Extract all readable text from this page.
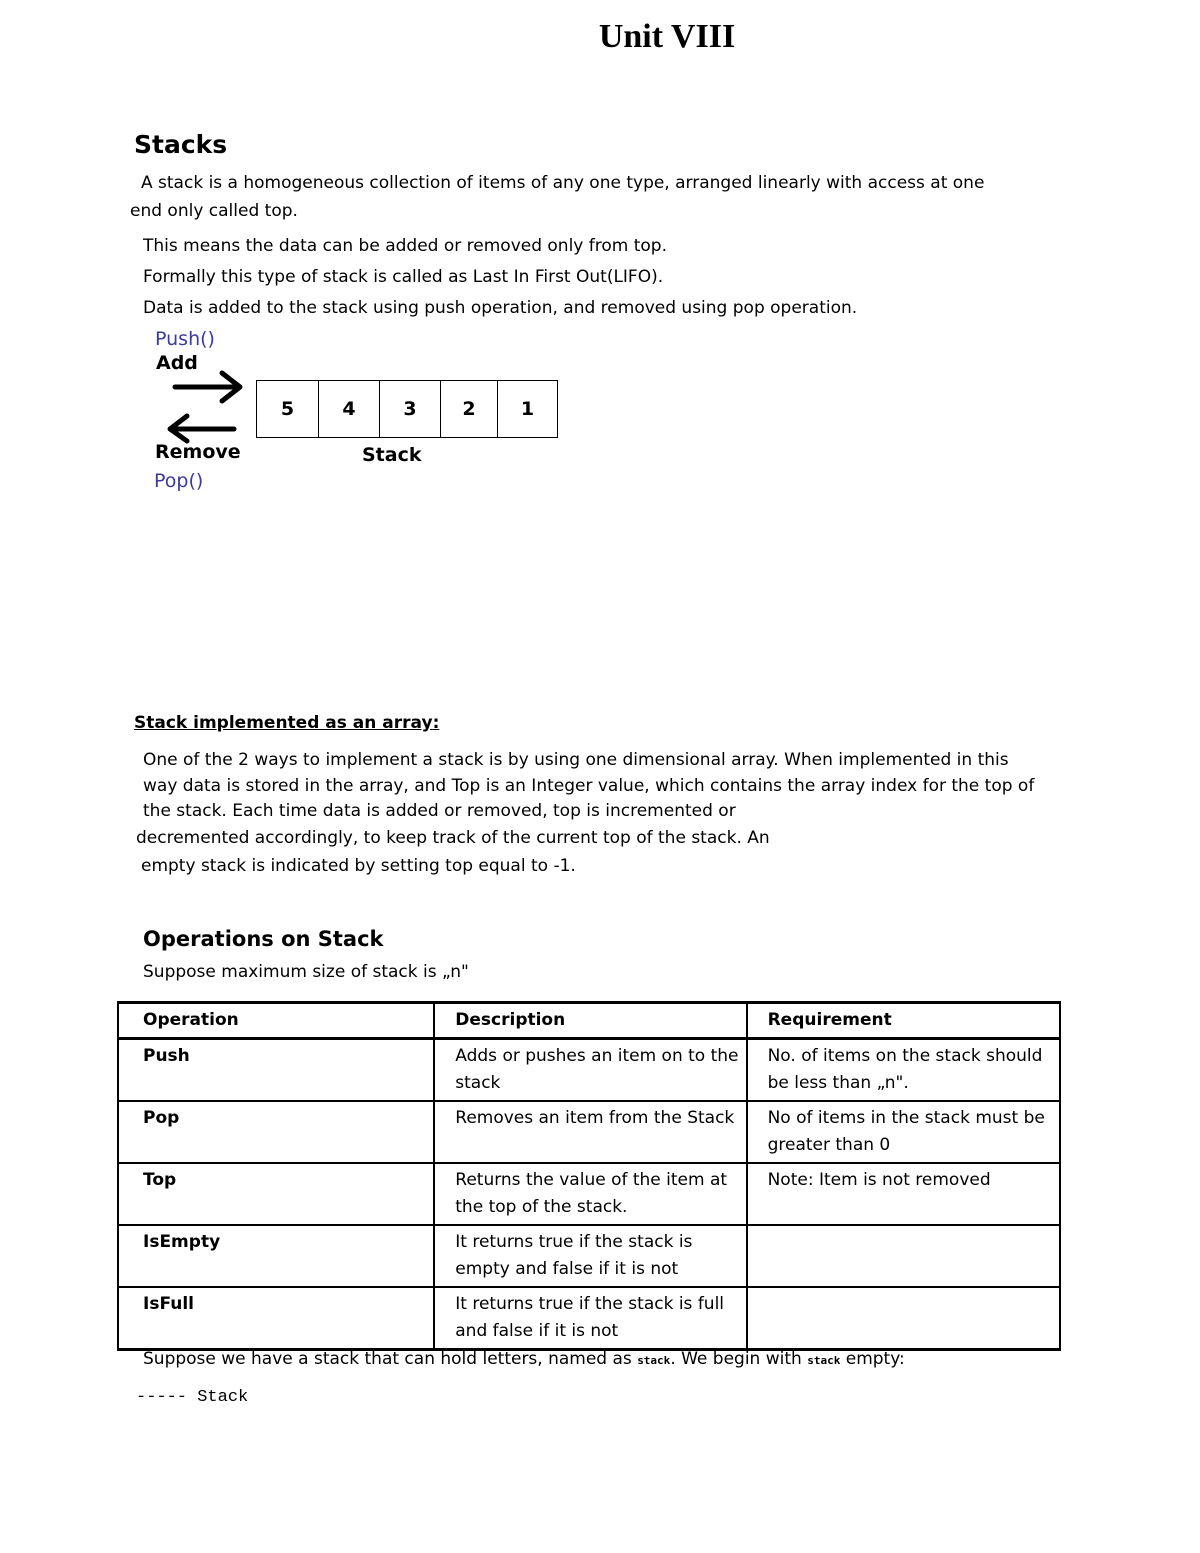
Unit VIII
Stacks
A stack is a homogeneous collection of items of any one type, arranged linearly with access at one
end only called top.
This means the data can be added or removed only from top.
Formally this type of stack is called as Last In First Out(LIFO).
Data is added to the stack using push operation, and removed using pop operation.
Push()
Add
5	4	3	2	1
Remove
Pop()
Stack
Stack implemented as an array:
One of the 2 ways to implement a stack is by using one dimensional array. When implemented in this
way data is stored in the array, and Top is an Integer value, which contains the array index for the top of
the stack. Each time data is added or removed, top is incremented or
decremented accordingly, to keep track of the current top of the stack. An
empty stack is indicated by setting top equal to -1.
Operations on Stack
Suppose maximum size of stack is „n"
Operation	Description	Requirement
Push	Adds or pushes an item on to the stack	No. of items on the stack should be less than „n".
Pop	Removes an item from the Stack	No of items in the stack must be greater than 0
Top	Returns the value of the item at the top of the stack.	Note: Item is not removed
IsEmpty	It returns true if the stack is empty and false if it is not	
IsFull	It returns true if the stack is full and false if it is not	
Suppose we have a stack that can hold letters, named as stack. We begin with stack empty:
----- Stack
